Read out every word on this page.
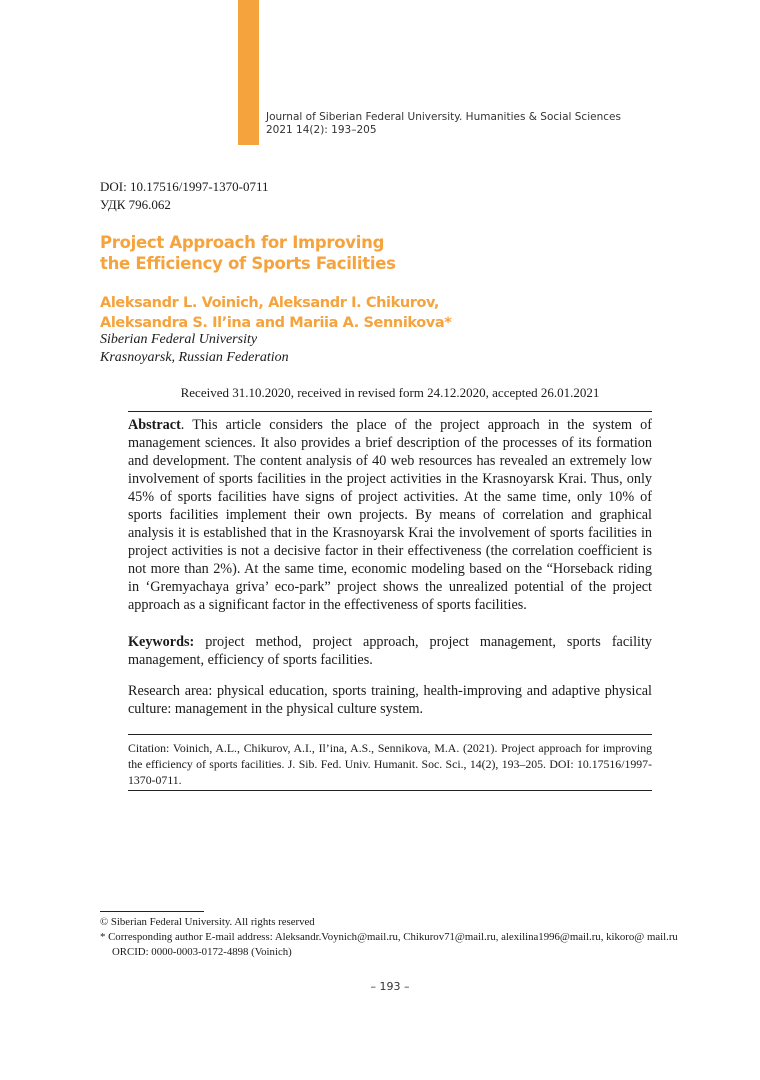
Journal of Siberian Federal University. Humanities & Social Sciences
2021 14(2): 193–205
DOI: 10.17516/1997-1370-0711
УДК 796.062
Project Approach for Improving
the Efficiency of Sports Facilities
Aleksandr L. Voinich, Aleksandr I. Chikurov,
Aleksandra S. Il’ina and Mariia A. Sennikova*
Siberian Federal University
Krasnoyarsk, Russian Federation
Received 31.10.2020, received in revised form 24.12.2020, accepted 26.01.2021
Abstract. This article considers the place of the project approach in the system of management sciences. It also provides a brief description of the processes of its formation and development. The content analysis of 40 web resources has revealed an extremely low involvement of sports facilities in the project activities in the Krasnoyarsk Krai. Thus, only 45% of sports facilities have signs of project activities. At the same time, only 10% of sports facilities implement their own projects. By means of correlation and graphical analysis it is established that in the Krasnoyarsk Krai the involvement of sports facilities in project activities is not a decisive factor in their effectiveness (the correlation coefficient is not more than 2%). At the same time, economic modeling based on the “Horseback riding in ‘Gremyachaya griva’ eco-park” project shows the unrealized potential of the project approach as a significant factor in the effectiveness of sports facilities.
Keywords: project method, project approach, project management, sports facility management, efficiency of sports facilities.
Research area: physical education, sports training, health-improving and adaptive physical culture: management in the physical culture system.
Citation: Voinich, A.L., Chikurov, A.I., Il’ina, A.S., Sennikova, M.A. (2021). Project approach for improving the efficiency of sports facilities. J. Sib. Fed. Univ. Humanit. Soc. Sci., 14(2), 193–205. DOI: 10.17516/1997-1370-0711.
© Siberian Federal University. All rights reserved
* Corresponding author E-mail address: Aleksandr.Voynich@mail.ru, Chikurov71@mail.ru, alexilina1996@mail.ru, kikoro@ mail.ru
ORCID: 0000-0003-0172-4898 (Voinich)
– 193 –
